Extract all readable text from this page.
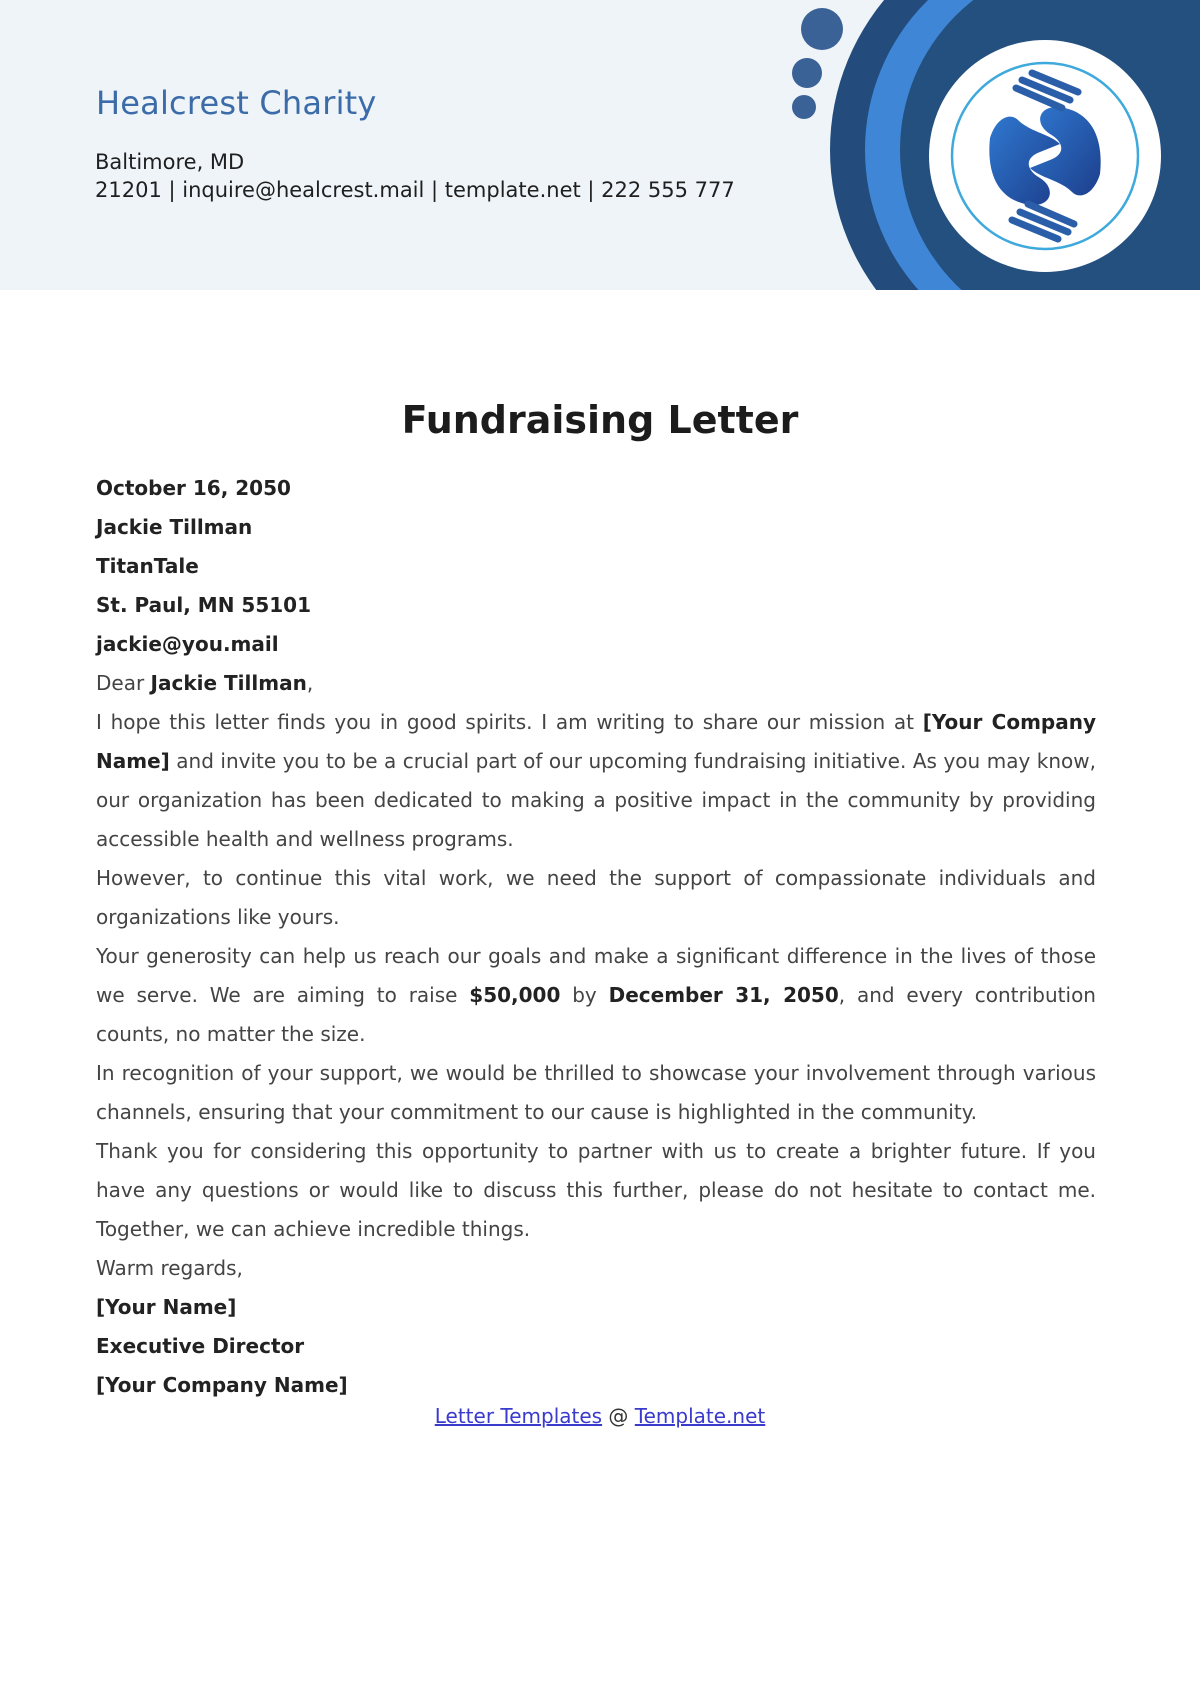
Healcrest Charity

Baltimore, MD

21201 | inquire@healcrest.mail | template.net | 222 555 777

Fundraising Letter

October 16, 2050

Jackie Tillman

TitanTale

St. Paul, MN 55101

jackie@you.mail

Dear Jackie Tillman,

I hope this letter finds you in good spirits. I am writing to share our mission at [Your Company Name] and invite you to be a crucial part of our upcoming fundraising initiative. As you may know, our organization has been dedicated to making a positive impact in the community by providing accessible health and wellness programs.

However, to continue this vital work, we need the support of compassionate individuals and organizations like yours.

Your generosity can help us reach our goals and make a significant difference in the lives of those we serve. We are aiming to raise $50,000 by December 31, 2050, and every contribution counts, no matter the size.

In recognition of your support, we would be thrilled to showcase your involvement through various channels, ensuring that your commitment to our cause is highlighted in the community.

Thank you for considering this opportunity to partner with us to create a brighter future. If you have any questions or would like to discuss this further, please do not hesitate to contact me. Together, we can achieve incredible things.

Warm regards,

[Your Name]

Executive Director

[Your Company Name]

Letter Templates @ Template.net
